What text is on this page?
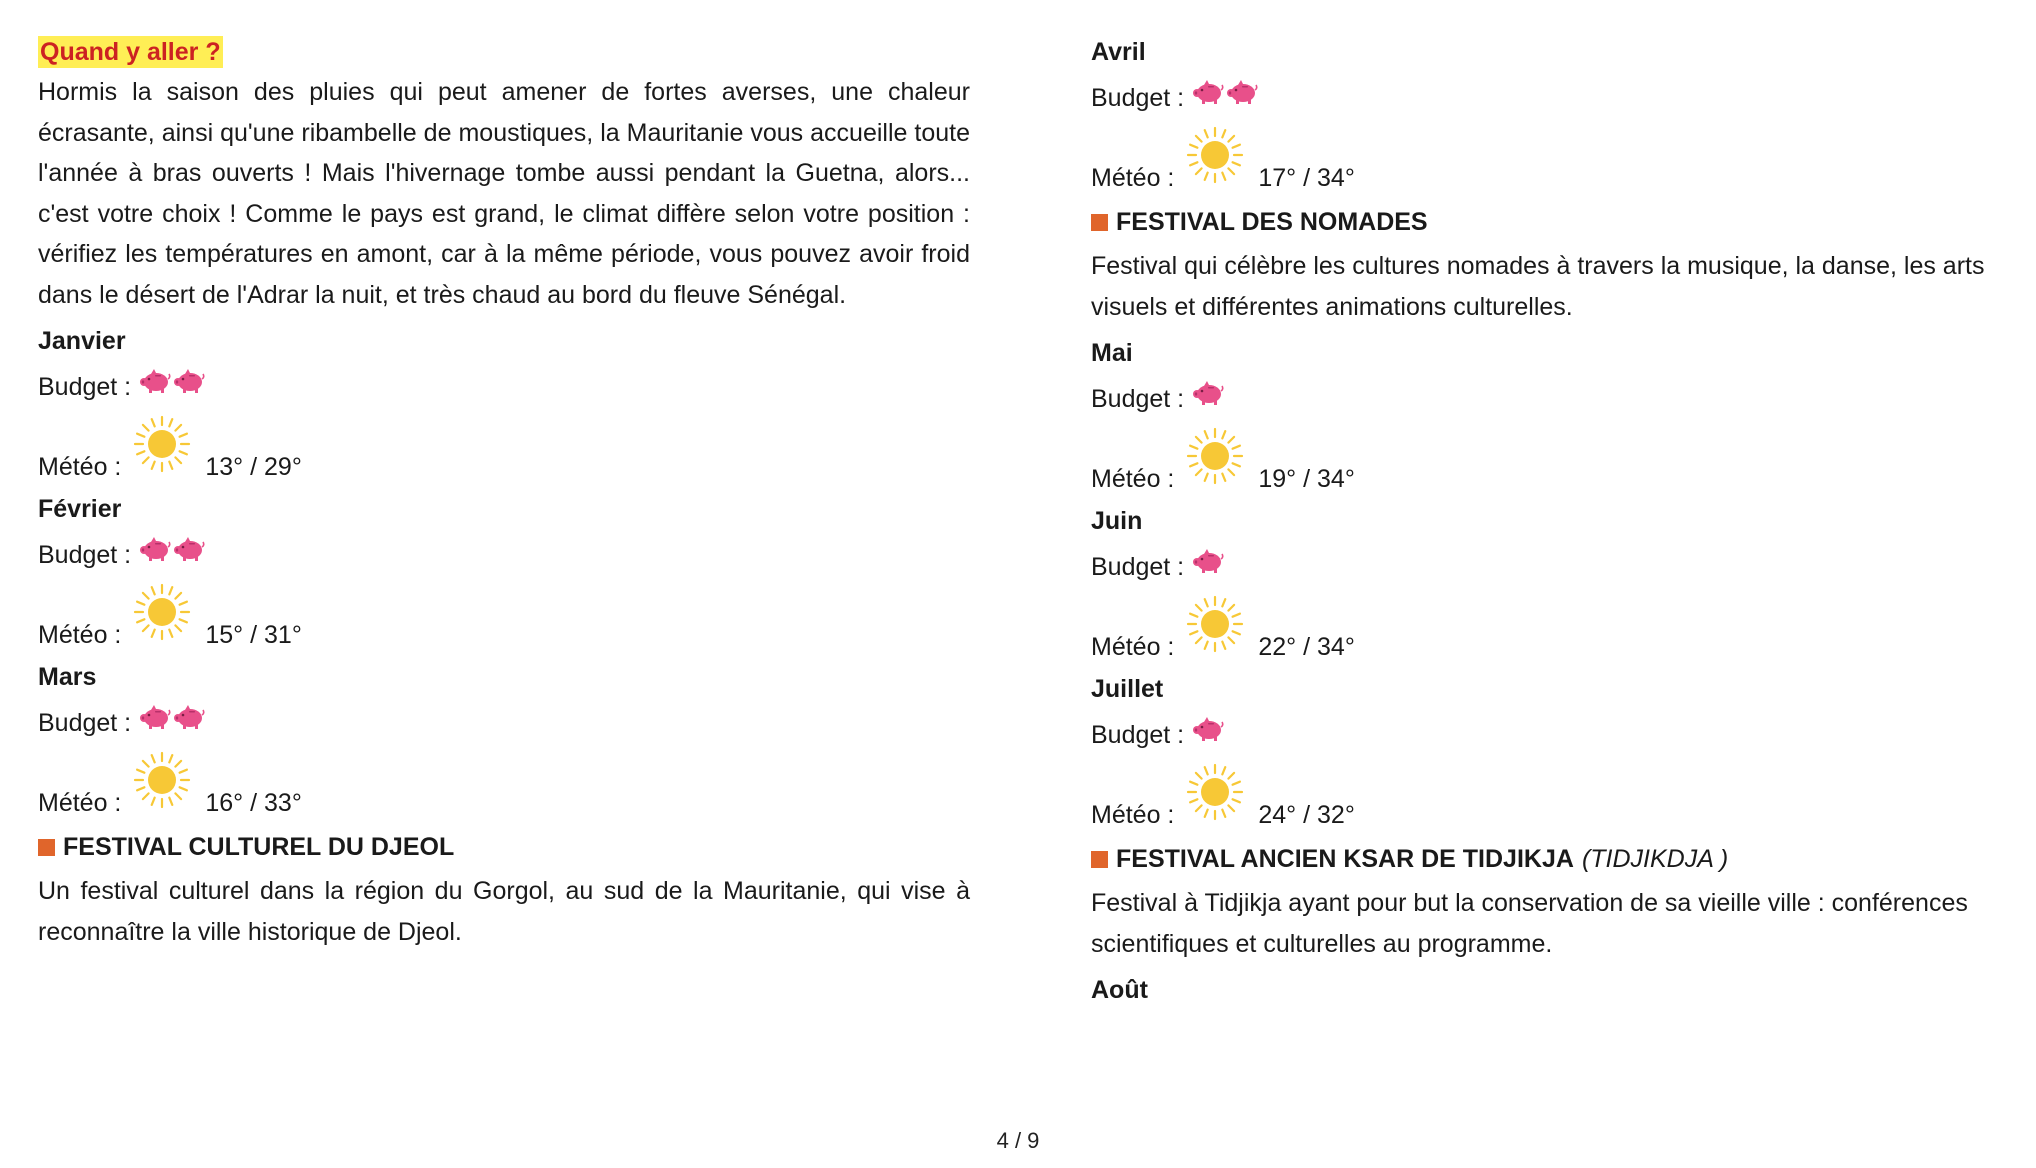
Quand y aller ?

Hormis la saison des pluies qui peut amener de fortes averses, une chaleur écrasante, ainsi qu'une ribambelle de moustiques, la Mauritanie vous accueille toute l'année à bras ouverts ! Mais l'hivernage tombe aussi pendant la Guetna, alors... c'est votre choix ! Comme le pays est grand, le climat diffère selon votre position : vérifiez les températures en amont, car à la même période, vous pouvez avoir froid dans le désert de l'Adrar la nuit, et très chaud au bord du fleuve Sénégal.

Janvier
Budget :
Météo :	13° / 29°
Février
Budget :
Météo :	15° / 31°
Mars
Budget :
Météo :	16° / 33°
FESTIVAL CULTUREL DU DJEOL

Un festival culturel dans la région du Gorgol, au sud de la Mauritanie, qui vise à reconnaître la ville historique de Djeol.

Avril
Budget :
Météo :	17° / 34°
FESTIVAL DES NOMADES

Festival qui célèbre les cultures nomades à travers la musique, la danse, les arts visuels et différentes animations culturelles.

Mai
Budget :
Météo :	19° / 34°
Juin
Budget :
Météo :	22° / 34°
Juillet
Budget :
Météo :	24° / 32°
FESTIVAL ANCIEN KSAR DE TIDJIKJA (TIDJIKDJA )

Festival à Tidjikja ayant pour but la conservation de sa vieille ville : conférences scientifiques et culturelles au programme.

Août
4 / 9
